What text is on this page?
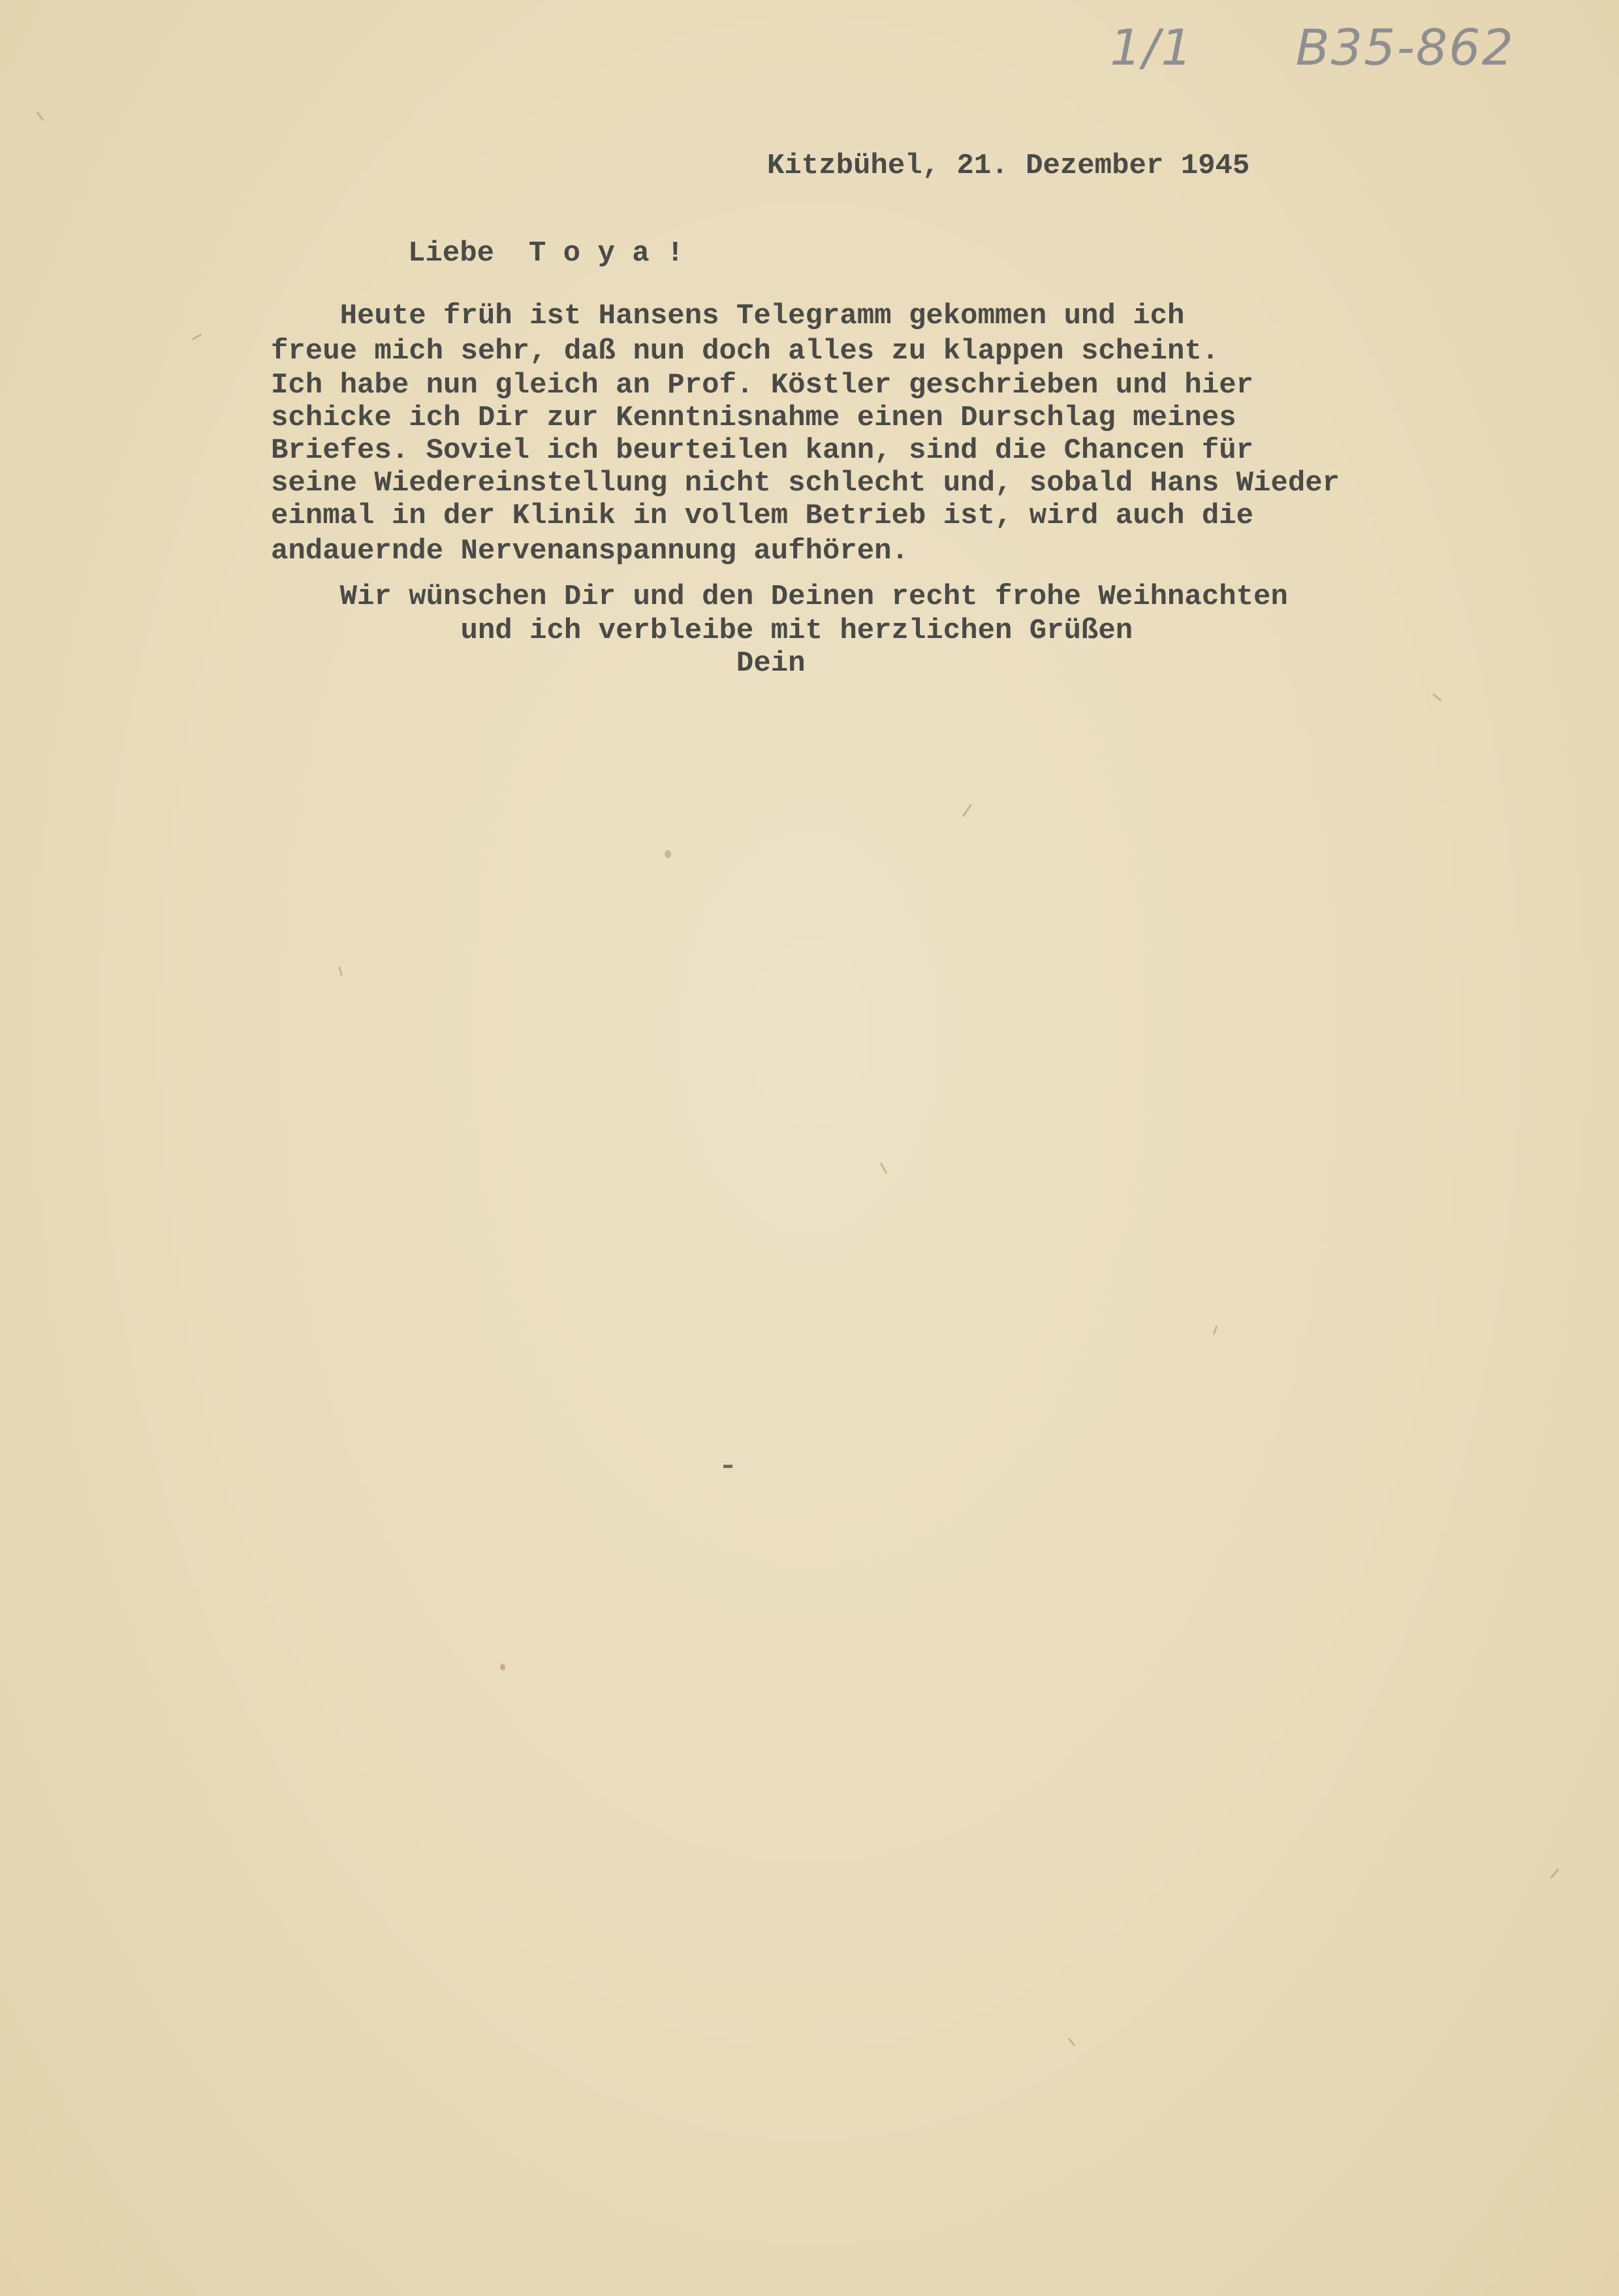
1/1 B35-862
Kitzbühel, 21. Dezember 1945
Liebe  T o y a !
Heute früh ist Hansens Telegramm gekommen und ich
freue mich sehr, daß nun doch alles zu klappen scheint.
Ich habe nun gleich an Prof. Köstler geschrieben und hier
schicke ich Dir zur Kenntnisnahme einen Durschlag meines
Briefes. Soviel ich beurteilen kann, sind die Chancen für
seine Wiedereinstellung nicht schlecht und, sobald Hans Wieder
einmal in der Klinik in vollem Betrieb ist, wird auch die
andauernde Nervenanspannung aufhören.
Wir wünschen Dir und den Deinen recht frohe Weihnachten
und ich verbleibe mit herzlichen Grüßen
Dein
